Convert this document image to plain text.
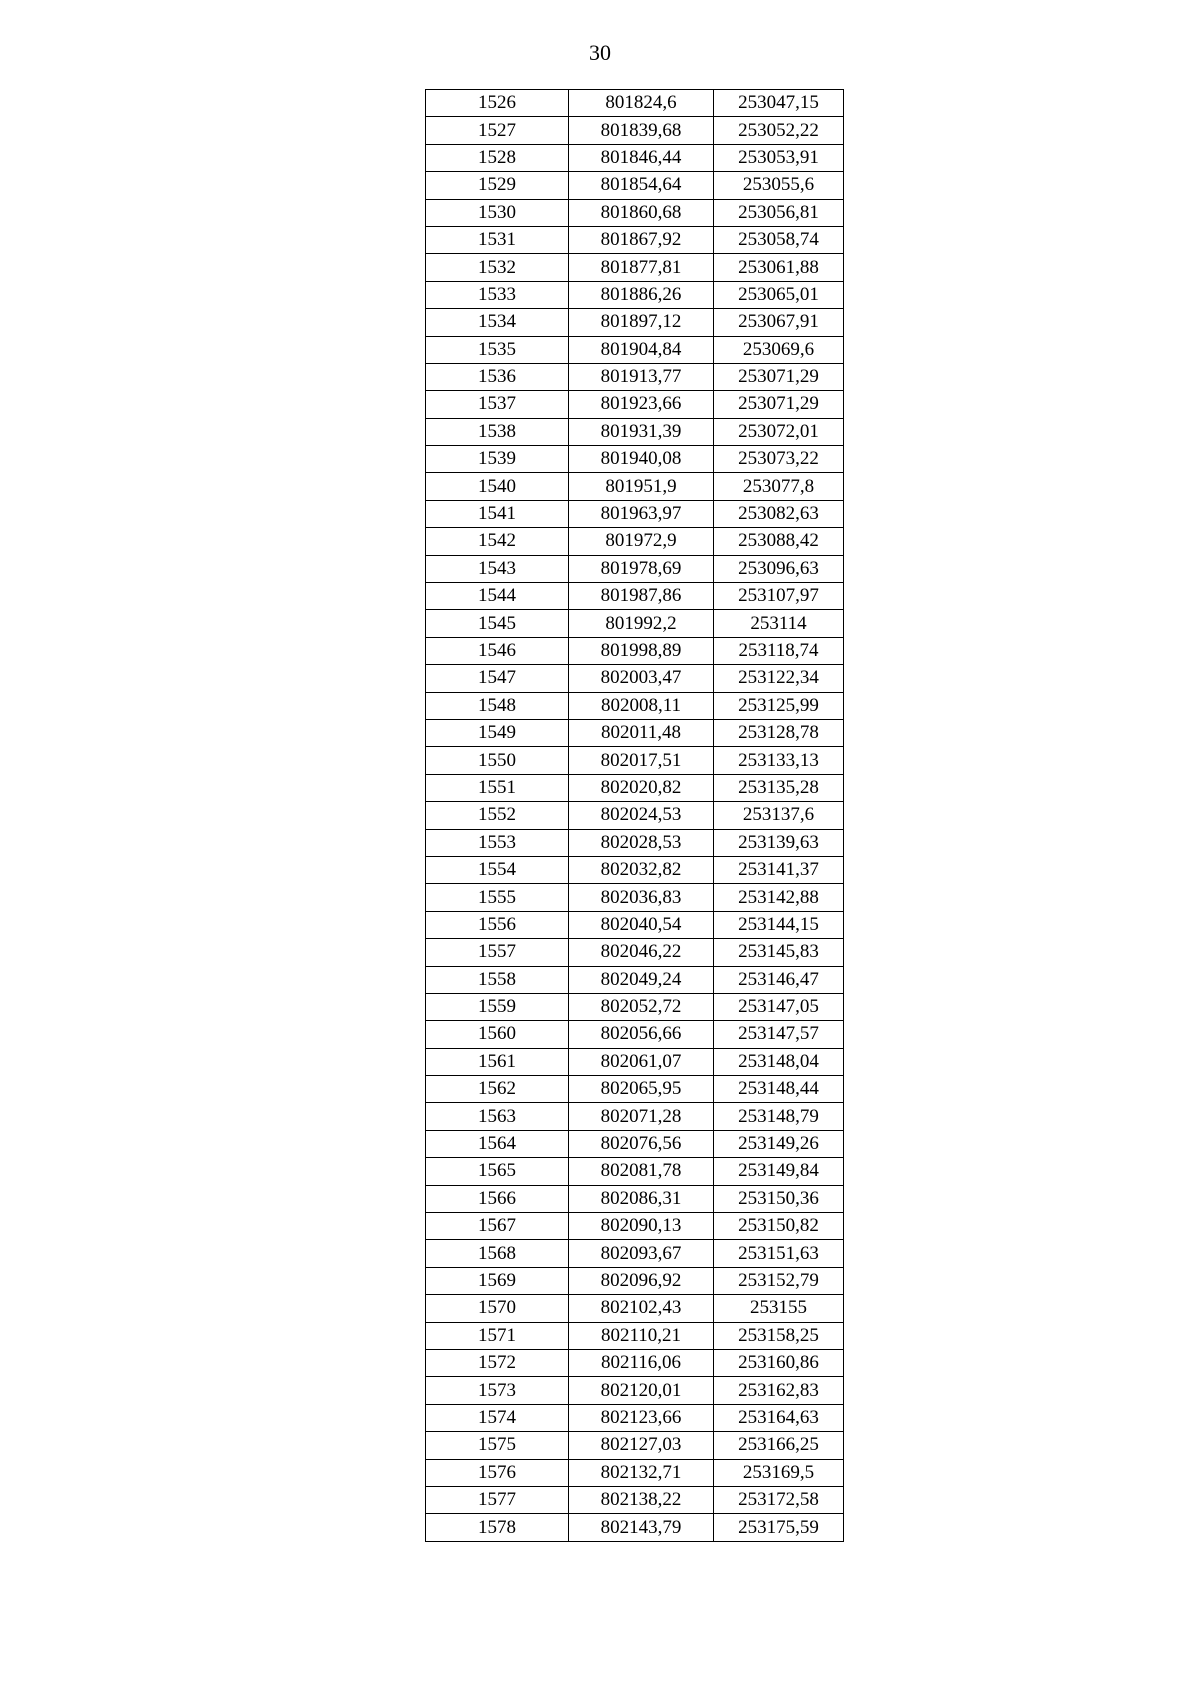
30
1526	801824,6	253047,15
1527	801839,68	253052,22
1528	801846,44	253053,91
1529	801854,64	253055,6
1530	801860,68	253056,81
1531	801867,92	253058,74
1532	801877,81	253061,88
1533	801886,26	253065,01
1534	801897,12	253067,91
1535	801904,84	253069,6
1536	801913,77	253071,29
1537	801923,66	253071,29
1538	801931,39	253072,01
1539	801940,08	253073,22
1540	801951,9	253077,8
1541	801963,97	253082,63
1542	801972,9	253088,42
1543	801978,69	253096,63
1544	801987,86	253107,97
1545	801992,2	253114
1546	801998,89	253118,74
1547	802003,47	253122,34
1548	802008,11	253125,99
1549	802011,48	253128,78
1550	802017,51	253133,13
1551	802020,82	253135,28
1552	802024,53	253137,6
1553	802028,53	253139,63
1554	802032,82	253141,37
1555	802036,83	253142,88
1556	802040,54	253144,15
1557	802046,22	253145,83
1558	802049,24	253146,47
1559	802052,72	253147,05
1560	802056,66	253147,57
1561	802061,07	253148,04
1562	802065,95	253148,44
1563	802071,28	253148,79
1564	802076,56	253149,26
1565	802081,78	253149,84
1566	802086,31	253150,36
1567	802090,13	253150,82
1568	802093,67	253151,63
1569	802096,92	253152,79
1570	802102,43	253155
1571	802110,21	253158,25
1572	802116,06	253160,86
1573	802120,01	253162,83
1574	802123,66	253164,63
1575	802127,03	253166,25
1576	802132,71	253169,5
1577	802138,22	253172,58
1578	802143,79	253175,59
